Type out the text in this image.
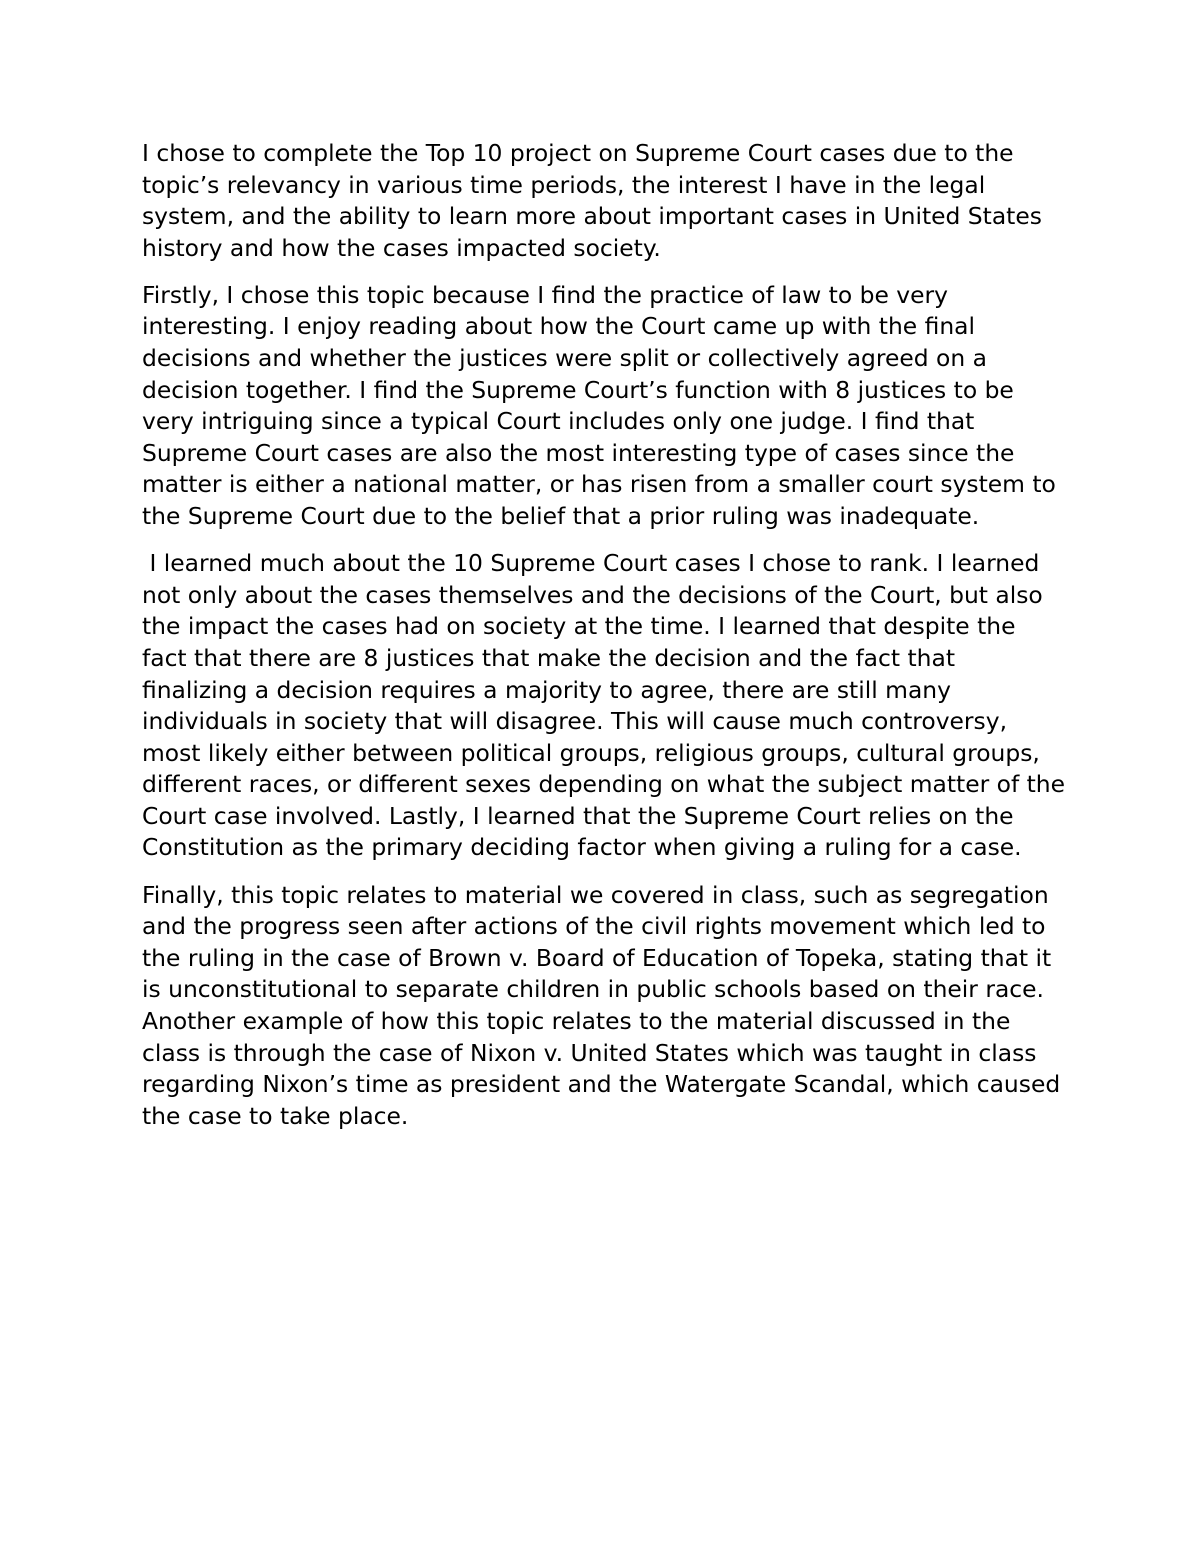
I chose to complete the Top 10 project on Supreme Court cases due to the topic’s relevancy in various time periods, the interest I have in the legal system, and the ability to learn more about important cases in United States history and how the cases impacted society.

Firstly, I chose this topic because I find the practice of law to be very interesting. I enjoy reading about how the Court came up with the final decisions and whether the justices were split or collectively agreed on a decision together. I find the Supreme Court’s function with 8 justices to be very intriguing since a typical Court includes only one judge. I find that Supreme Court cases are also the most interesting type of cases since the matter is either a national matter, or has risen from a smaller court system to the Supreme Court due to the belief that a prior ruling was inadequate.

I learned much about the 10 Supreme Court cases I chose to rank. I learned not only about the cases themselves and the decisions of the Court, but also the impact the cases had on society at the time. I learned that despite the fact that there are 8 justices that make the decision and the fact that finalizing a decision requires a majority to agree, there are still many individuals in society that will disagree. This will cause much controversy, most likely either between political groups, religious groups, cultural groups, different races, or different sexes depending on what the subject matter of the Court case involved. Lastly, I learned that the Supreme Court relies on the Constitution as the primary deciding factor when giving a ruling for a case.

Finally, this topic relates to material we covered in class, such as segregation and the progress seen after actions of the civil rights movement which led to the ruling in the case of Brown v. Board of Education of Topeka, stating that it is unconstitutional to separate children in public schools based on their race. Another example of how this topic relates to the material discussed in the class is through the case of Nixon v. United States which was taught in class regarding Nixon’s time as president and the Watergate Scandal, which caused the case to take place.
